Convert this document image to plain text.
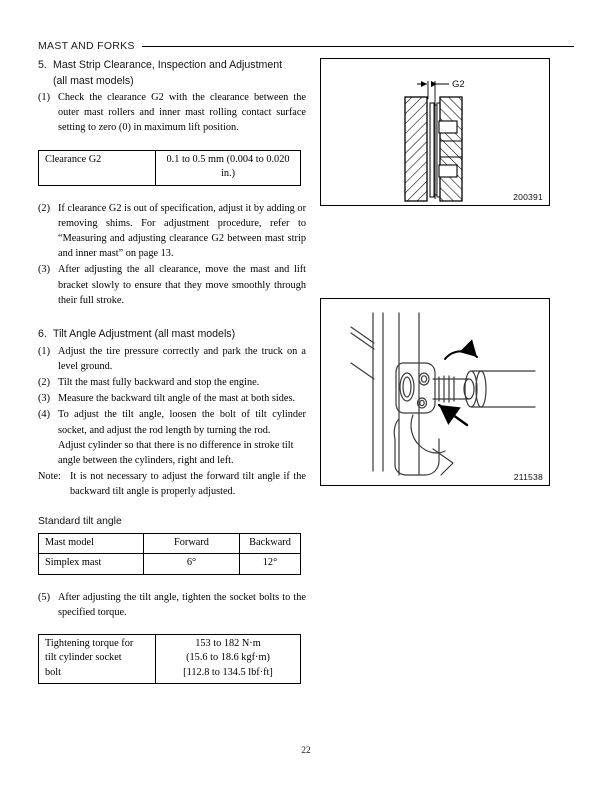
MAST AND FORKS
5. Mast Strip Clearance, Inspection and Adjustment
(all mast models)
(1) Check the clearance G2 with the clearance between the outer mast rollers and inner mast rolling contact surface setting to zero (0) in maximum lift position.
Clearance G2	0.1 to 0.5 mm (0.004 to 0.020 in.)
(2) If clearance G2 is out of specification, adjust it by adding or removing shims. For adjustment procedure, refer to “Measuring and adjusting clearance G2 between mast strip and inner mast” on page 13.
(3) After adjusting the all clearance, move the mast and lift bracket slowly to ensure that they move smoothly through their full stroke.
6. Tilt Angle Adjustment (all mast models)
(1) Adjust the tire pressure correctly and park the truck on a level ground.
(2) Tilt the mast fully backward and stop the engine.
(3) Measure the backward tilt angle of the mast at both sides.
(4) To adjust the tilt angle, loosen the bolt of tilt cylinder socket, and adjust the rod length by turning the rod.

Adjust cylinder so that there is no difference in stroke tilt angle between the cylinders, right and left.

Note: It is not necessary to adjust the forward tilt angle if the backward tilt angle is properly adjusted.
Standard tilt angle
Mast model	Forward	Backward
Simplex mast	6°	12°
(5) After adjusting the tilt angle, tighten the socket bolts to the specified torque.
Tightening torque for
tilt cylinder socket
bolt	153 to 182 N·m
(15.6 to 18.6 kgf·m)
[112.8 to 134.5 lbf·ft]
G2
200391
211538
22
